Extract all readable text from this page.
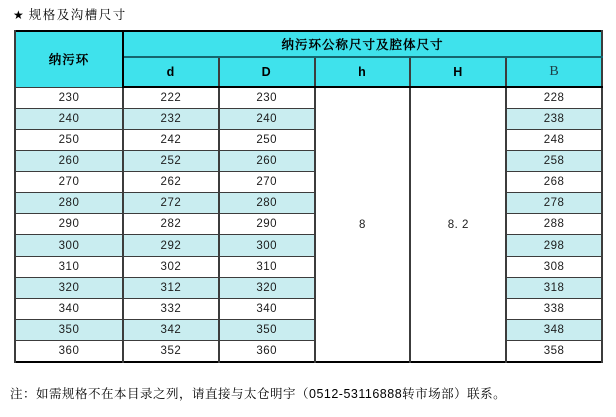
★ 规格及沟槽尺寸
纳污环	纳污环公称尺寸及腔体尺寸				
	d	D	h	H	B
230	222	230	8	8. 2	228
240	232	240			238
250	242	250			248
260	252	260			258
270	262	270			268
280	272	280			278
290	282	290			288
300	292	300			298
310	302	310			308
320	312	320			318
340	332	340			338
350	342	350			348
360	352	360			358
注：如需规格不在本目录之列，请直接与太仓明宇（0512-53116888转市场部）联系。
